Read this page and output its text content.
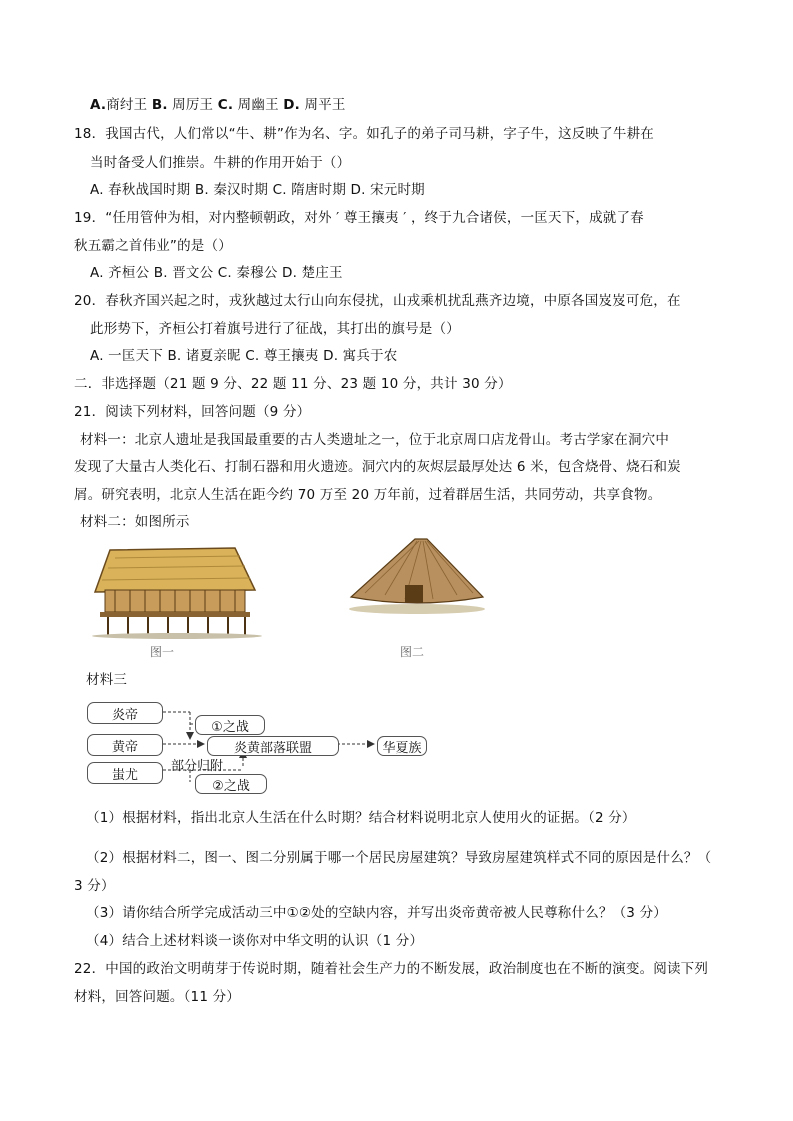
A.商纣王 B. 周厉王 C. 周幽王 D. 周平王
18．我国古代，人们常以“牛、耕”作为名、字。如孔子的弟子司马耕，字子牛，这反映了牛耕在
当时备受人们推崇。牛耕的作用开始于（）
A. 春秋战国时期 B. 秦汉时期 C. 隋唐时期 D. 宋元时期
19．“任用管仲为相，对内整顿朝政，对外 ′ 尊王攘夷 ′ ，终于九合诸侯，一匡天下，成就了春
秋五霸之首伟业”的是（）
A. 齐桓公 B. 晋文公 C. 秦穆公 D. 楚庄王
20．春秋齐国兴起之时，戎狄越过太行山向东侵扰，山戎乘机扰乱燕齐边境，中原各国岌岌可危，在
此形势下，齐桓公打着旗号进行了征战，其打出的旗号是（）
A. 一匡天下 B. 诸夏亲昵 C. 尊王攘夷 D. 寓兵于农
二．非选择题（21 题 9 分、22 题 11 分、23 题 10 分，共计 30 分）
21．阅读下列材料，回答问题（9 分）
材料一：北京人遗址是我国最重要的古人类遗址之一，位于北京周口店龙骨山。考古学家在洞穴中
发现了大量古人类化石、打制石器和用火遗迹。洞穴内的灰烬层最厚处达 6 米，包含烧骨、烧石和炭
屑。研究表明，北京人生活在距今约 70 万至 20 万年前，过着群居生活，共同劳动，共享食物。
材料二：如图所示
图一	图二
材料三
炎帝
①之战
黄帝	炎黄部落联盟	华夏族
蚩尤
部分归附
②之战
（1）根据材料，指出北京人生活在什么时期？结合材料说明北京人使用火的证据。（2 分）
（2）根据材料二，图一、图二分别属于哪一个居民房屋建筑？导致房屋建筑样式不同的原因是什么？（
3 分）
（3）请你结合所学完成活动三中①②处的空缺内容，并写出炎帝黄帝被人民尊称什么？（3 分）
（4）结合上述材料谈一谈你对中华文明的认识（1 分）
22．中国的政治文明萌芽于传说时期，随着社会生产力的不断发展，政治制度也在不断的演变。阅读下列
材料，回答问题。（11 分）
